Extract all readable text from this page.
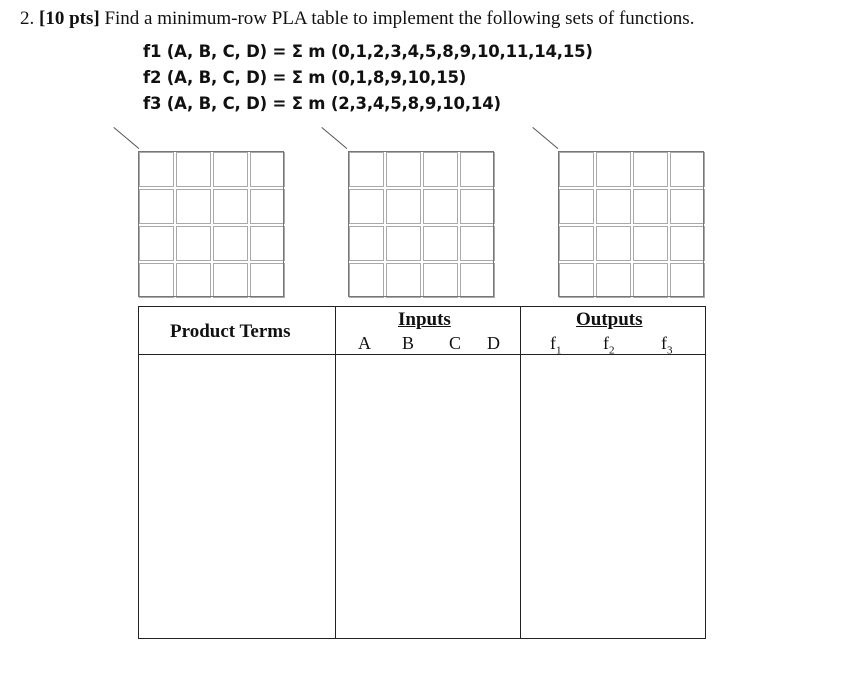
2. [10 pts] Find a minimum-row PLA table to implement the following sets of functions.
f1 (A, B, C, D) = Σ m (0,1,2,3,4,5,8,9,10,11,14,15)
f2 (A, B, C, D) = Σ m (0,1,8,9,10,15)
f3 (A, B, C, D) = Σ m (2,3,4,5,8,9,10,14)
Product Terms
Inputs
A B C D
Outputs
$f_1$ $f_2$	$f_3$
